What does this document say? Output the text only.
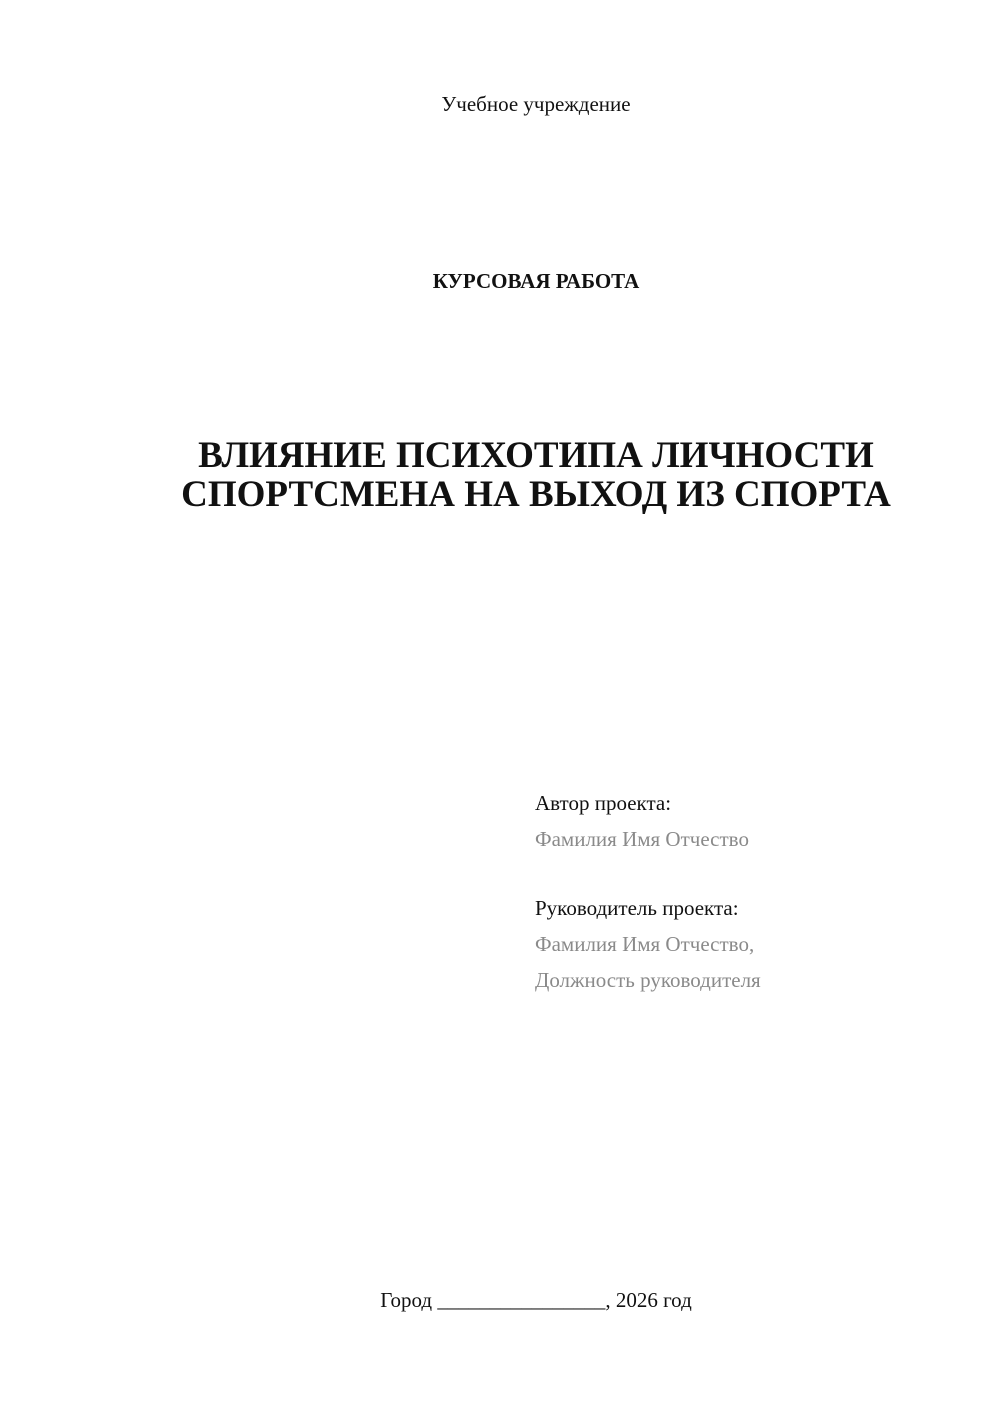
Учебное учреждение
КУРСОВАЯ РАБОТА
ВЛИЯНИЕ ПСИХОТИПА ЛИЧНОСТИ
СПОРТСМЕНА НА ВЫХОД ИЗ СПОРТА
Автор проекта:
Фамилия Имя Отчество
Руководитель проекта:
Фамилия Имя Отчество,
Должность руководителя
Город ________________, 2026 год
